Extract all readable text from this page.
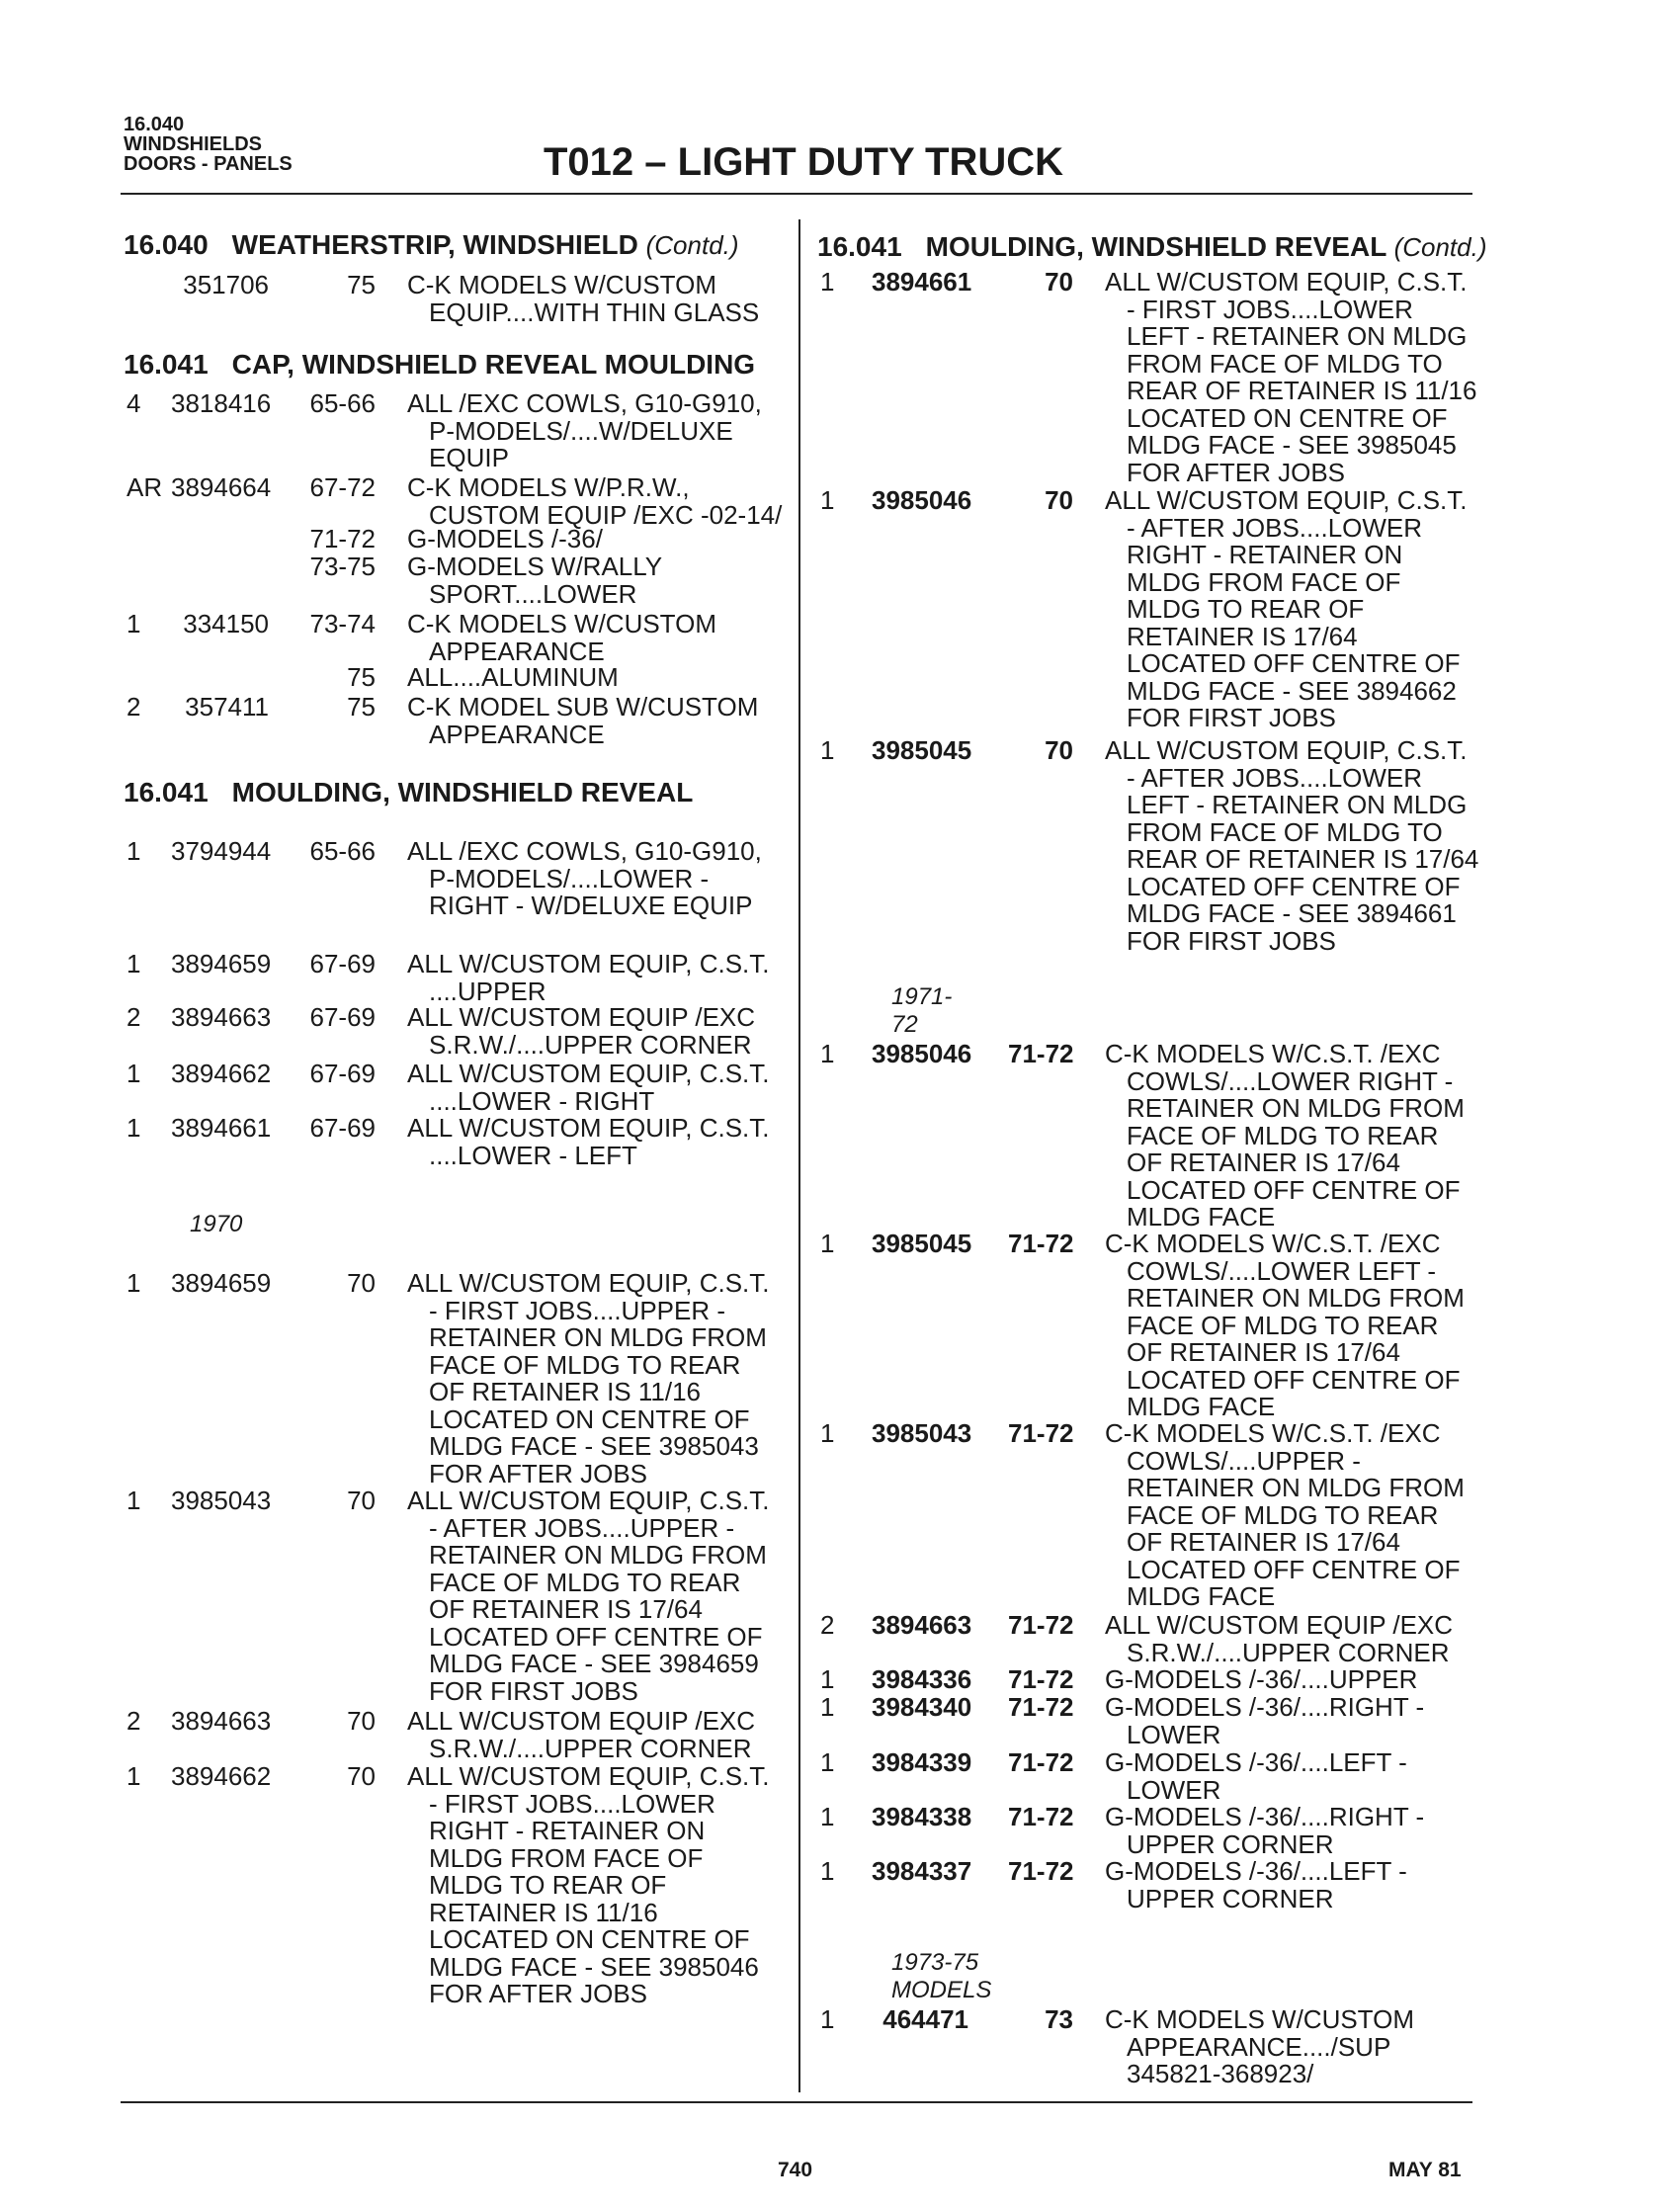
16.040
WINDSHIELDS
DOORS - PANELS	T012 – LIGHT DUTY TRUCK
16.040 WEATHERSTRIP, WINDSHIELD (Contd.)
16.041 CAP, WINDSHIELD REVEAL MOULDING
16.041 MOULDING, WINDSHIELD REVEAL
1970
351706	75 C-K MODELS W/CUSTOM
EQUIP....WITH THIN GLASS
4 3818416 65-66 ALL /EXC COWLS, G10-G910,
P-MODELS/....W/DELUXE
EQUIP
AR 3894664 67-72 C-K MODELS W/P.R.W.,
CUSTOM EQUIP /EXC -02-14/
71-72 G-MODELS /-36/
73-75 G-MODELS W/RALLY
SPORT....LOWER
1	334150 73-74 C-K MODELS W/CUSTOM
APPEARANCE
75 ALL....ALUMINUM
2	357411	75 C-K MODEL SUB W/CUSTOM
APPEARANCE
1 3794944 65-66 ALL /EXC COWLS, G10-G910,
P-MODELS/....LOWER -
RIGHT - W/DELUXE EQUIP
1 3894659 67-69 ALL W/CUSTOM EQUIP, C.S.T.
....UPPER
2 3894663 67-69 ALL W/CUSTOM EQUIP /EXC
S.R.W./....UPPER CORNER
1 3894662 67-69 ALL W/CUSTOM EQUIP, C.S.T.
....LOWER - RIGHT
1 3894661 67-69 ALL W/CUSTOM EQUIP, C.S.T.
....LOWER - LEFT
1 3894659	70 ALL W/CUSTOM EQUIP, C.S.T.
- FIRST JOBS....UPPER -
RETAINER ON MLDG FROM
FACE OF MLDG TO REAR
OF RETAINER IS 11/16
LOCATED ON CENTRE OF
MLDG FACE - SEE 3985043
FOR AFTER JOBS
1 3985043	70 ALL W/CUSTOM EQUIP, C.S.T.
- AFTER JOBS....UPPER -
RETAINER ON MLDG FROM
FACE OF MLDG TO REAR
OF RETAINER IS 17/64
LOCATED OFF CENTRE OF
MLDG FACE - SEE 3984659
FOR FIRST JOBS
2 3894663	70 ALL W/CUSTOM EQUIP /EXC
S.R.W./....UPPER CORNER
1 3894662	70 ALL W/CUSTOM EQUIP, C.S.T.
- FIRST JOBS....LOWER
RIGHT - RETAINER ON
MLDG FROM FACE OF
MLDG TO REAR OF
RETAINER IS 11/16
LOCATED ON CENTRE OF
MLDG FACE - SEE 3985046
FOR AFTER JOBS
16.041 MOULDING, WINDSHIELD REVEAL (Contd.)
1971-72
1973-75 MODELS
1 3894661	70 ALL W/CUSTOM EQUIP, C.S.T.
- FIRST JOBS....LOWER
LEFT - RETAINER ON MLDG
FROM FACE OF MLDG TO
REAR OF RETAINER IS 11/16
LOCATED ON CENTRE OF
MLDG FACE - SEE 3985045
FOR AFTER JOBS
1 3985046	70 ALL W/CUSTOM EQUIP, C.S.T.
- AFTER JOBS....LOWER
RIGHT - RETAINER ON
MLDG FROM FACE OF
MLDG TO REAR OF
RETAINER IS 17/64
LOCATED OFF CENTRE OF
MLDG FACE - SEE 3894662
FOR FIRST JOBS
1 3985045	70 ALL W/CUSTOM EQUIP, C.S.T.
- AFTER JOBS....LOWER
LEFT - RETAINER ON MLDG
FROM FACE OF MLDG TO
REAR OF RETAINER IS 17/64
LOCATED OFF CENTRE OF
MLDG FACE - SEE 3894661
FOR FIRST JOBS
1 3985046 71-72 C-K MODELS W/C.S.T. /EXC
COWLS/....LOWER RIGHT -
RETAINER ON MLDG FROM
FACE OF MLDG TO REAR
OF RETAINER IS 17/64
LOCATED OFF CENTRE OF
MLDG FACE
1 3985045 71-72 C-K MODELS W/C.S.T. /EXC
COWLS/....LOWER LEFT -
RETAINER ON MLDG FROM
FACE OF MLDG TO REAR
OF RETAINER IS 17/64
LOCATED OFF CENTRE OF
MLDG FACE
1 3985043 71-72 C-K MODELS W/C.S.T. /EXC
COWLS/....UPPER -
RETAINER ON MLDG FROM
FACE OF MLDG TO REAR
OF RETAINER IS 17/64
LOCATED OFF CENTRE OF
MLDG FACE
2 3894663 71-72 ALL W/CUSTOM EQUIP /EXC
S.R.W./....UPPER CORNER
1 3984336 71-72 G-MODELS /-36/....UPPER
1 3984340 71-72 G-MODELS /-36/....RIGHT -
LOWER
1 3984339 71-72 G-MODELS /-36/....LEFT -
LOWER
1 3984338 71-72 G-MODELS /-36/....RIGHT -
UPPER CORNER
1 3984337 71-72 G-MODELS /-36/....LEFT -
UPPER CORNER
1	464471	73 C-K MODELS W/CUSTOM
APPEARANCE..../SUP
345821-368923/
740	MAY 81
